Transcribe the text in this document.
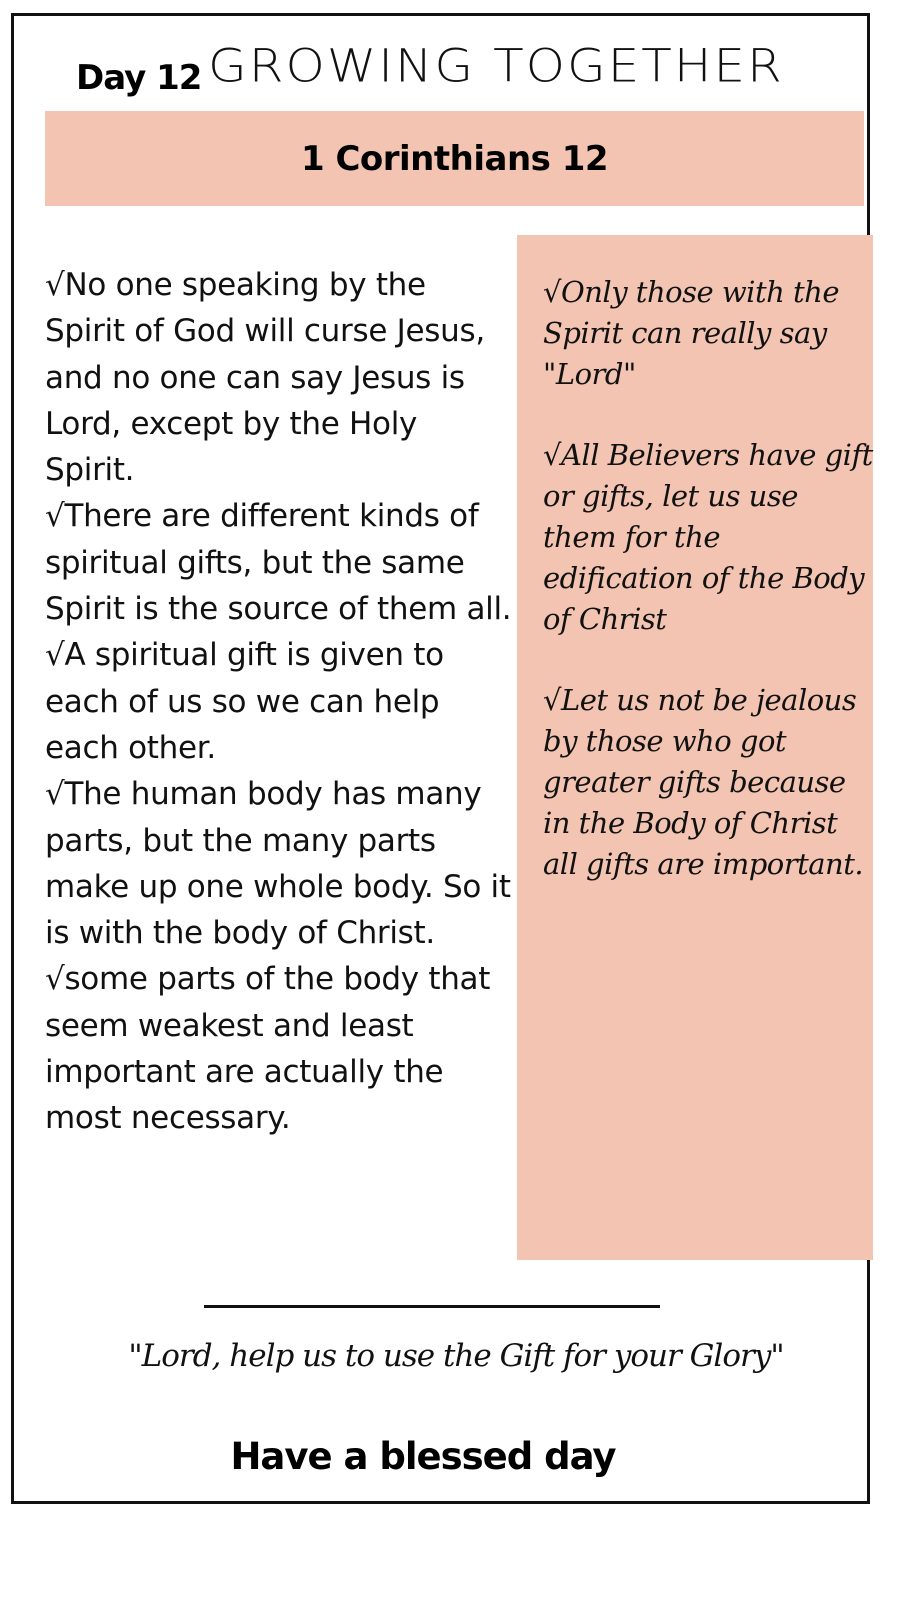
Day 12 GROWING TOGETHER
1 Corinthians 12

√No one speaking by the Spirit of God will curse Jesus, and no one can say Jesus is Lord, except by the Holy Spirit.

√There are different kinds of spiritual gifts, but the same Spirit is the source of them all.

√A spiritual gift is given to each of us so we can help each other.

√The human body has many parts, but the many parts make up one whole body. So it is with the body of Christ.

√some parts of the body that seem weakest and least important are actually the most necessary.

√Only those with the Spirit can really say "Lord"

√All Believers have gift or gifts, let us use them for the edification of the Body of Christ

√Let us not be jealous by those who got greater gifts because in the Body of Christ all gifts are important.

"Lord, help us to use the Gift for your Glory"
Have a blessed day
